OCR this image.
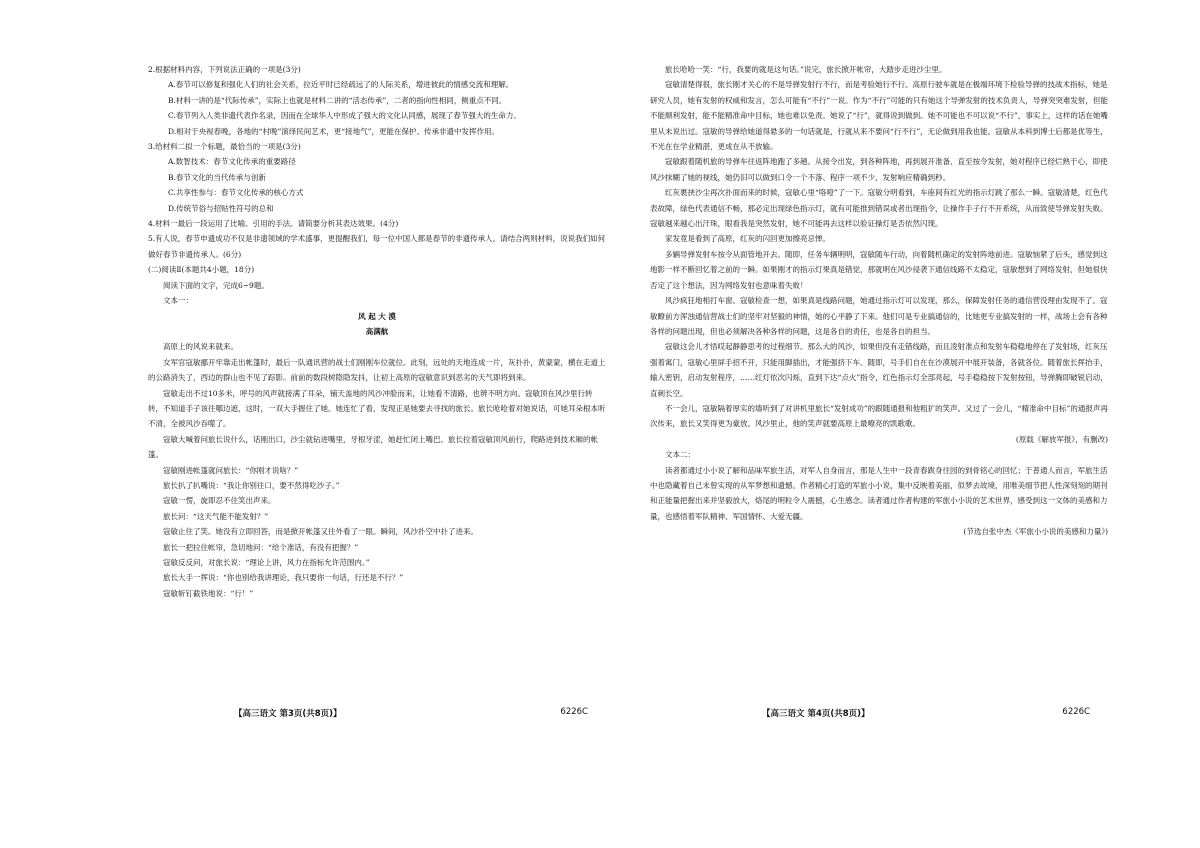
2.根据材料内容，下列说法正确的一项是(3分)

A.春节可以修复和强化人们的社会关系，拉近平时已经疏远了的人际关系，增进彼此的情感交流和理解。

B.材料一讲的是“代际传承”，实际上也就是材料二讲的“活态传承”，二者的指向性相同，侧重点不同。

C.春节列入人类非遗代表作名录，因而在全球华人中形成了强大的文化认同感，展现了春节强大的生命力。

D.相对于央视春晚，各地的“村晚”演绎民间艺术，更“接地气”，更能在保护、传承非遗中发挥作用。

3.给材料二拟一个标题，最恰当的一项是(3分)

A.数智技术：春节文化传承的重要路径

B.春节文化的当代传承与创新

C.共享性参与：春节文化传承的核心方式

D.传统节俗与招贴性符号的总和

4.材料一最后一段运用了比喻、引用的手法。请简要分析其表达效果。(4分)

5.有人说，春节申遗成功不仅是非遗领域的学术盛事，更提醒我们，每一位中国人都是春节的非遗传承人。请结合两则材料，说说我们如何做好春节非遗传承人。(6分)

(二)阅读Ⅱ(本题共4小题，18分)

阅读下面的文字，完成6~9题。

文本一：

风 起 大 漠

高满航

高原上的风说来就来。

女军官寇敏挪开牢靠走出帐篷时，最后一队通讯营的战士们刚刚车位就位。此刻，远处的天地连成一片，灰扑扑，黄蒙蒙，横在走道上的公路消失了，西边的群山也不见了踪影。前前的数段树隐隐发抖，让初上高原的寇敏意识到恶劣的天气即将到来。

寇敏走出不过10多米，呼号的风声就接满了耳朵，铺天盖地的风沙冲脸而来，让她看不清路，也辨不明方向。寇敏顶在风沙里行转转，不知道手子该往哪边遮，这时，一双大手握住了她。她连忙了看，发现正是她要去寻找的旅长。旅长呛呛着对她说话，可她耳朵根本听不清，全被风沙吞噬了。

寇敏大喊着问旅长说什么，话刚出口，沙尘就钻进嘴里，牙根牙涩，她赶忙闭上嘴巴。旅长拉着寇敏顶风前行，爬路进到技术厢的帐篷。

寇敏刚进帐篷就问旅长：“你刚才说啥？”

旅长扒了扒嘴说：“我让你别往口，要不然得吃沙子。”

寇敏一愣，旋即忍不住笑出声来。

旅长问：“这天气能不能发射？”

寇敏止住了笑。她没有立即回答，而是掀开帐篷又往外看了一眼。瞬间，风沙扑空中扑了进来。

旅长一把拉住帐帘，急切地问：“给个准话，有没有把握？”

寇敏反反问，对旅长说：“理论上讲，风力在指标允许范围内。”

旅长大手一挥说：“你也别给我讲理论，我只要你一句话，行还是不行？”

寇敏斩钉截铁地说：“行！”

旅长哈哈一笑：“行，我要的就是这句话。”说完，旅长掀开帐帘，大踏步走进沙尘里。

寇敏清楚得很，旅长刚才关心的不是导弹发射行不行，而是考验她行不行。高原行驶车就是在极端环境下检验导弹的技战术指标，她是研究人员，她有发射的权威和发言，怎么可能有“不行”一说。作为“不行”可能的只有她这个导弹发射的技术负责人，导弹突突难发射，但能不能顺利发射，能不能精准命中目标，她也难以免责。她说了“行”，就得说到做到。她不可能也不可以说“不行”，事实上，这样的话在她嘴里从未说出过。寇敏的导弹给她道得悬多的一句话就是，行就从来不要问“行不行”，无论做到用我也能。寇敏从本科到博士后都是优等生，不光在在学业精湛，更成在从不放输。

寇敏跟着随机旅的导弹车往返阵地跑了多趟。从接令出发，到各种阵地，再到展开准备、直至按令发射，她对程序已经烂熟于心，即使风沙抹糊了她的视线，她仍旧可以做到口令一个不落、程序一项不少，发射响应精确到秒。

红灰裹挟沙尘再次扑面而来的时候，寇敏心里“咯噔”了一下。寇敏分明看到，车座间有红光的指示灯跳了那么一瞬。寇敏清楚，红色代表故障，绿色代表通信不畅，那必定出现绿色指示灯，就有可能推到错误或者出现指令，让操作手子行不开系统，从而致使导弹发射失败。寇敏越来越心出汗珠，眼看我是突然发射，她不可能再去这样以验证操灯是否依然闪现。

家发竟是看到了高原，红灰的闪回更加擦亮忌惮。

多辆导弹发射车按令从面管地开去。随即，任务车辆明明，寇敏随车行动，向着随机确定的发射阵地前进。寇敏恼紧了后头，感觉到这地影一样不断回忆着之前的一瞬。如果刚才的指示灯果真是错觉，那就明在风沙侵袭下通信线路不太稳定，寇敏想到了网络发射，但她很快否定了这个想法，因为网络发射也意味着失败！

风沙疯狂地相打车窗。寇敏检查一想，如果真是线路问题，她通过指示灯可以发现，那么，保障发射任务的通信营没理由发现不了。寇敏瞭前方浑浊通信营战士们的坚牢对坚毅的神情，她的心平静了下来。他们可是专业搞通信的，比她更专业搞发射的一样，战场上会有各种各样的问题出现，但也必须解决各种各样的问题，这是各自的责任，也是各自的担当。

寇敏这会儿才悟哎起静静思考的过程细节。那么大的风沙，如果但没有走错线路，而且凌射准点和发射车稳稳地停在了发射场，红灰压强着寓门，寇敏心里屏手招不开，只能用脚插出，才能强挤下车。随即，号手们自在在沙漠展开中展开装备，各就各位。随着旅长挥抬手，输入密钥，启动发射程序，……红灯依次闪烁，直到下达“点火”指令，红色指示灯全部亮起，号手稳稳按下发射按钮，导弹腾即破锐启动，直刺长空。

不一会儿，寇敏隔着厚实的墙听到了对讲机里旅长“发射成功”的跟随通报和他粗犷的笑声。又过了一会儿，“精准命中目标”的通报声再次传来，旅长又笑得更为豪放。风沙里止，他的笑声就要高原上最嘹亮的凯歌歌。

(原载《解放军报》，有删改)

文本二：

读者都通过小小说了解和品味军旅生活，对军人自身而言，那是人生中一段青春跋身往园的到骨铭心的回忆；于普通人而言，军旅生活中也隐藏着自己未曾实现的从军梦想和遗憾。作者精心打造的军旅小小说，集中反映着美丽，似梦去故境，用唯美细节把人性深刻刻的期刊和正能量把握出来并坚毅放大，烙尾的明粒令人震撼，心生感念。读者通过作者构建的军旅小小说的艺术世界，感受到这一文体的美感和力量，也感悟着军队精神、军国情怀、大爱无疆。

(节选自张中杰《军旅小小说的美感和力量》)

【高三语文 第3页(共8页)】	6226C	【高三语文 第4页(共8页)】	6226C
